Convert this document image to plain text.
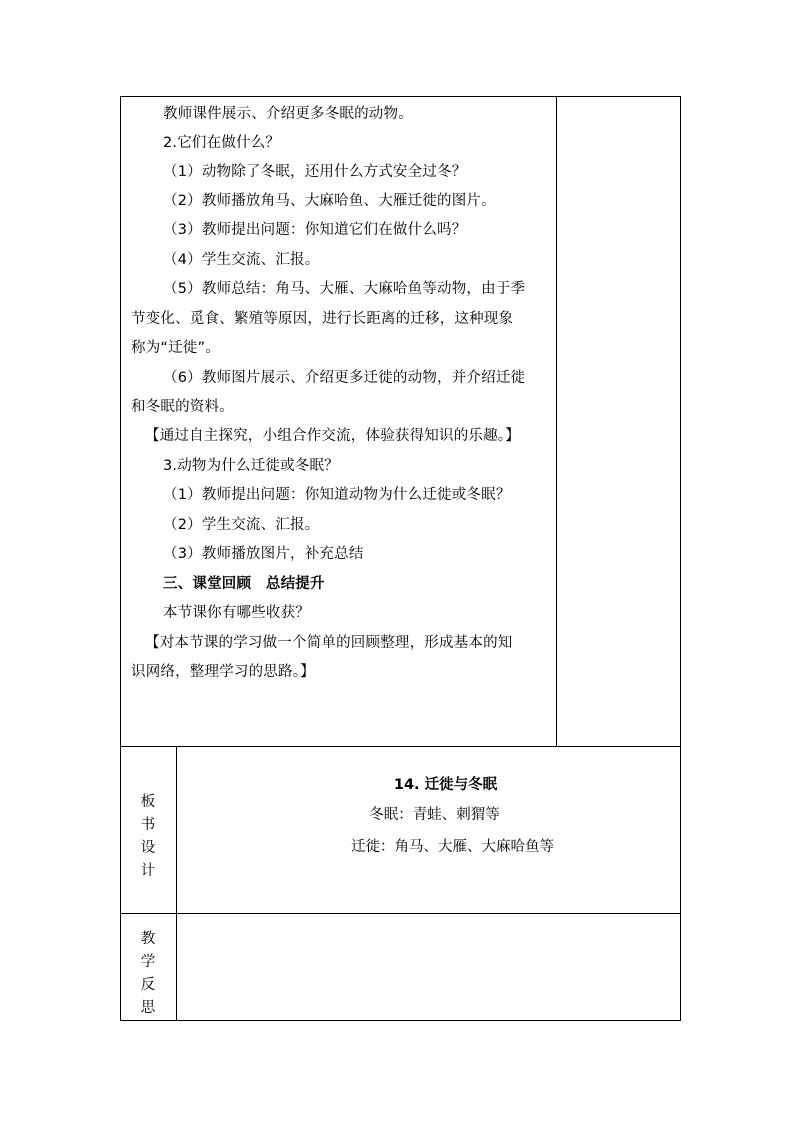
教师课件展示、介绍更多冬眠的动物。
2.它们在做什么？
（1）动物除了冬眠，还用什么方式安全过冬？
（2）教师播放角马、大麻哈鱼、大雁迁徙的图片。
（3）教师提出问题：你知道它们在做什么吗？
（4）学生交流、汇报。
（5）教师总结：角马、大雁、大麻哈鱼等动物，由于季
节变化、觅食、繁殖等原因，进行长距离的迁移，这种现象
称为“迁徙”。
（6）教师图片展示、介绍更多迁徙的动物，并介绍迁徙
和冬眠的资料。
【通过自主探究，小组合作交流，体验获得知识的乐趣。】
3.动物为什么迁徙或冬眠？
（1）教师提出问题：你知道动物为什么迁徙或冬眠？
（2）学生交流、汇报。
（3）教师播放图片，补充总结
三、课堂回顾　总结提升
本节课你有哪些收获？
【对本节课的学习做一个简单的回顾整理，形成基本的知
识网络，整理学习的思路。】
板
书
设
计
14. 迁徙与冬眠
冬眠：青蛙、刺猬等
迁徙：角马、大雁、大麻哈鱼等
教
学
反
思
